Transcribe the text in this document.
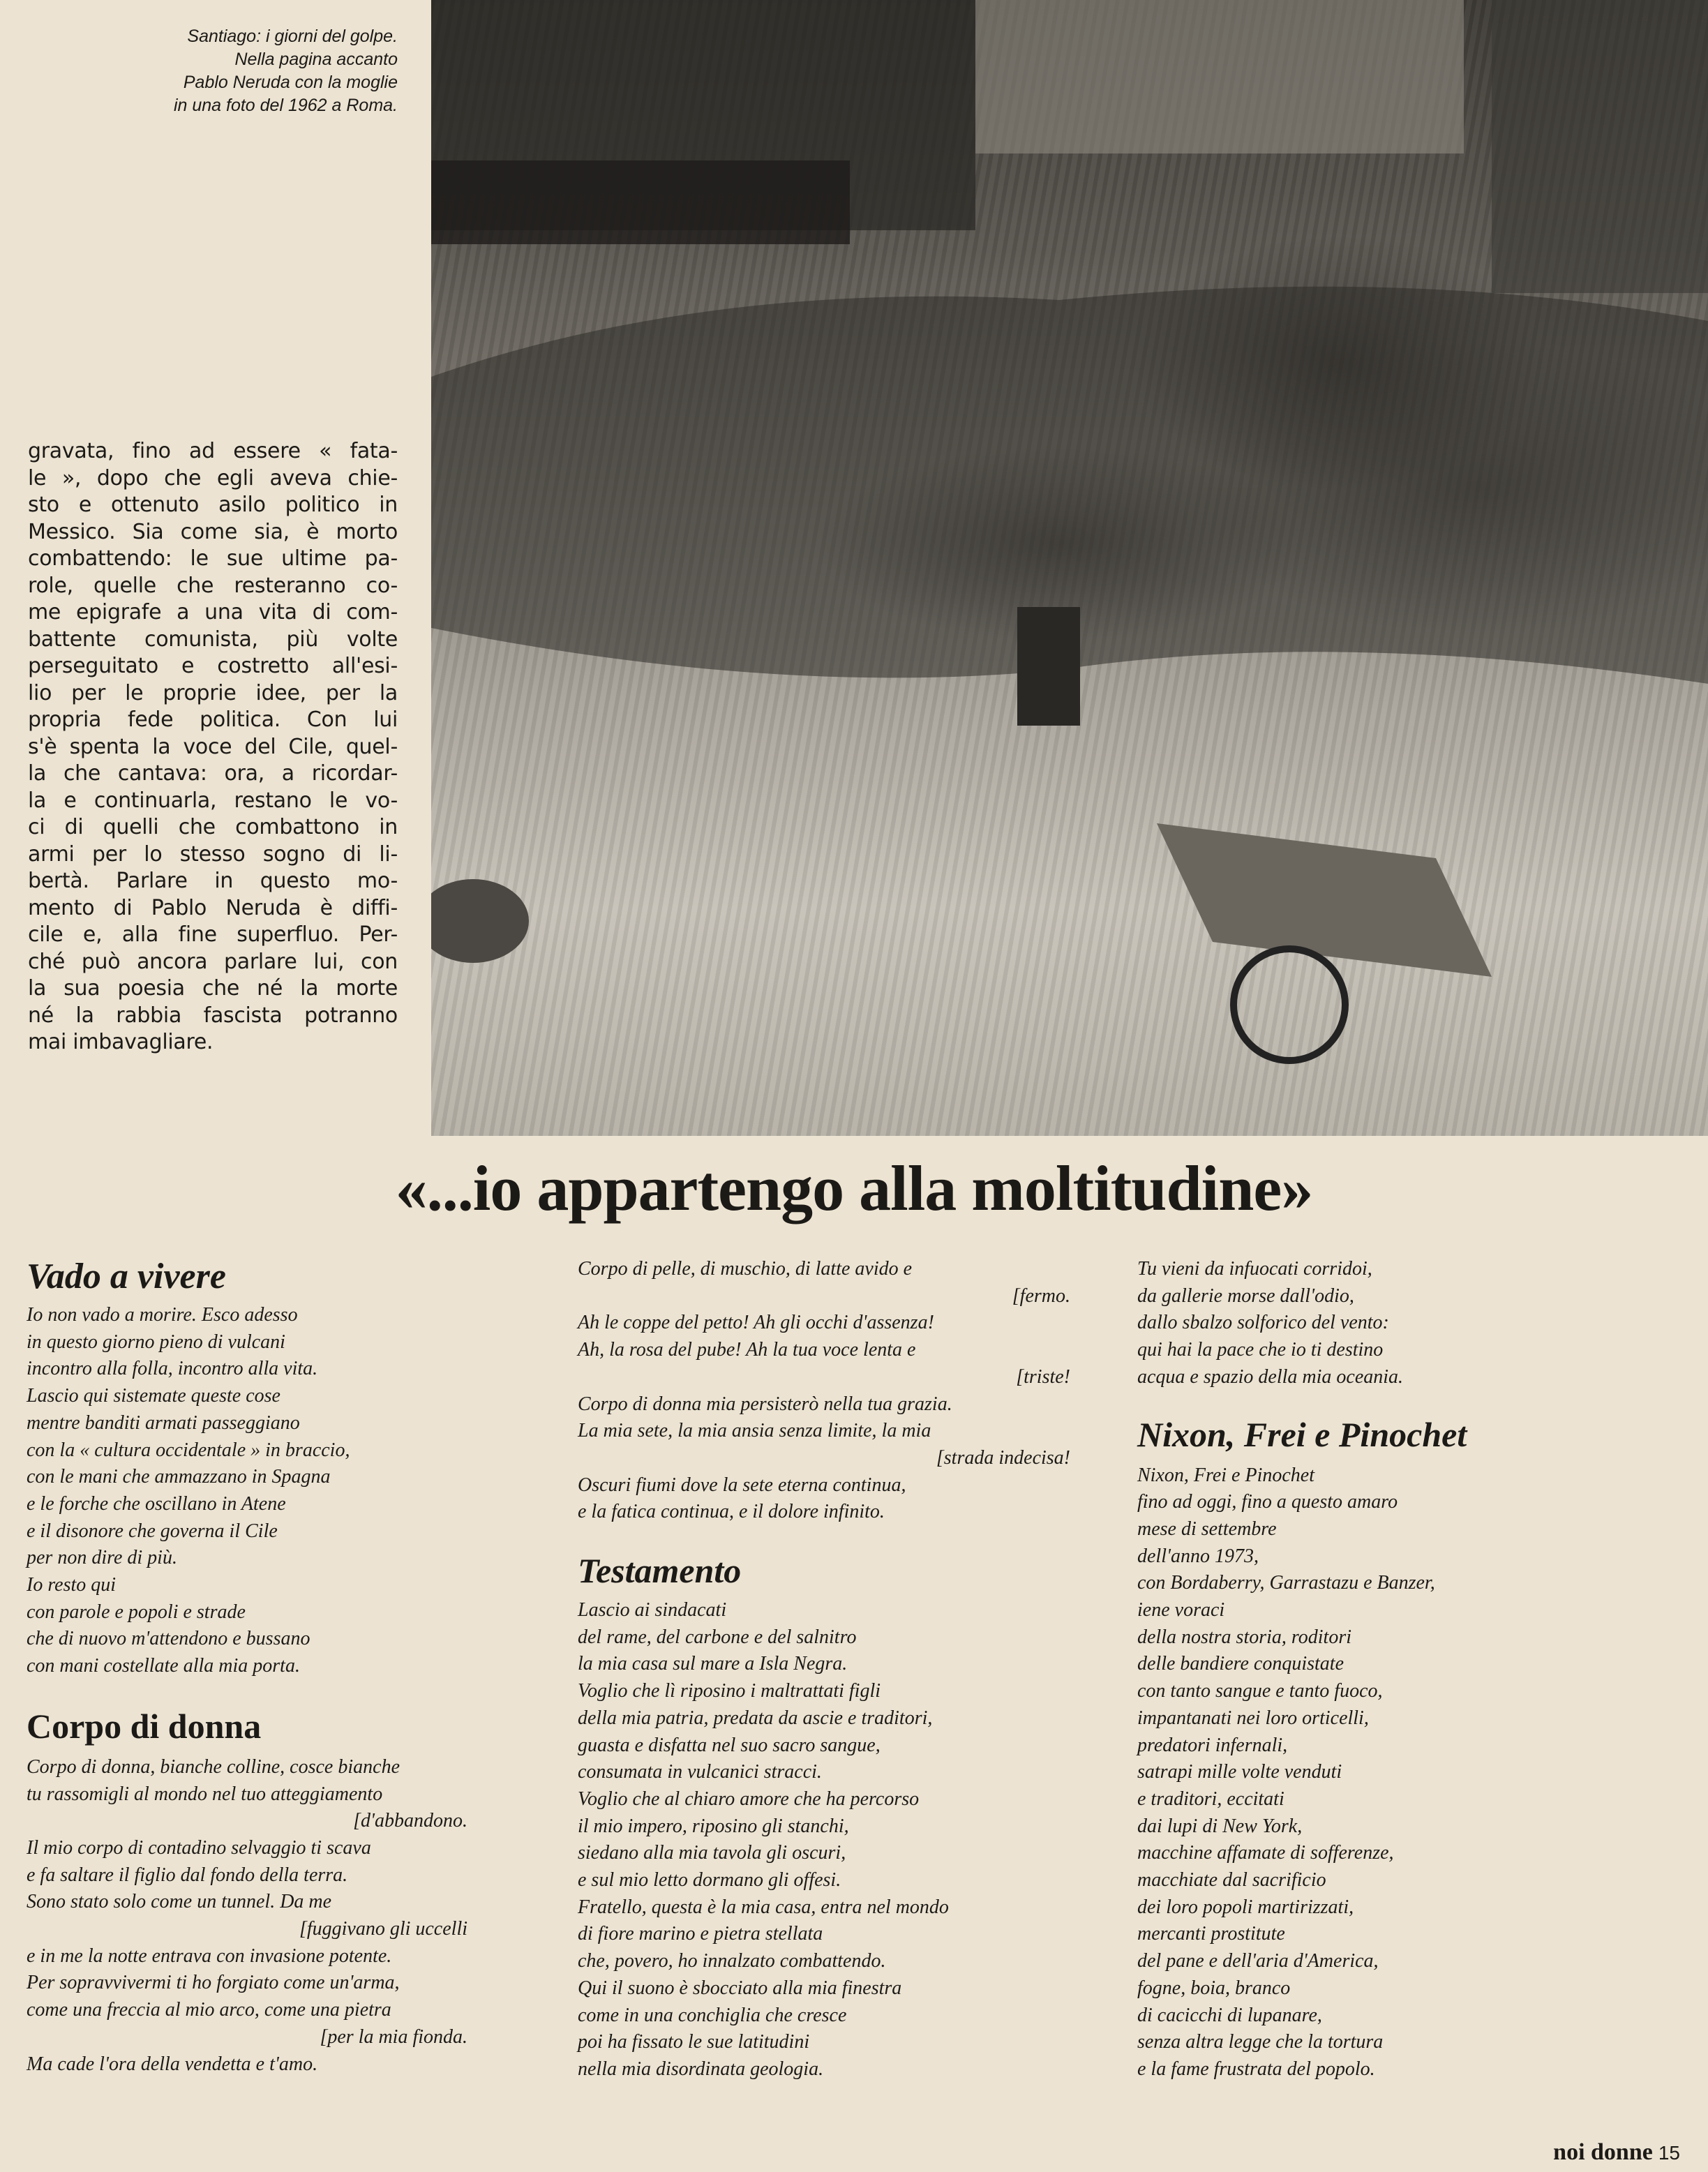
Santiago: i giorni del golpe.
Nella pagina accanto
Pablo Neruda con la moglie
in una foto del 1962 a Roma.
gravata, fino ad essere « fata-
le », dopo che egli aveva chie-
sto e ottenuto asilo politico in
Messico. Sia come sia, è morto
combattendo: le sue ultime pa-
role, quelle che resteranno co-
me epigrafe a una vita di com-
battente comunista, più volte
perseguitato e costretto all'esi-
lio per le proprie idee, per la
propria fede politica. Con lui
s'è spenta la voce del Cile, quel-
la che cantava: ora, a ricordar-
la e continuarla, restano le vo-
ci di quelli che combattono in
armi per lo stesso sogno di li-
bertà. Parlare in questo mo-
mento di Pablo Neruda è diffi-
cile e, alla fine superfluo. Per-
ché può ancora parlare lui, con
la sua poesia che né la morte
né la rabbia fascista potranno
mai imbavagliare.
«...io appartengo alla moltitudine»
Vado a vivere
Io non vado a morire. Esco adesso
in questo giorno pieno di vulcani
incontro alla folla, incontro alla vita.
Lascio qui sistemate queste cose
mentre banditi armati passeggiano
con la « cultura occidentale » in braccio,
con le mani che ammazzano in Spagna
e le forche che oscillano in Atene
e il disonore che governa il Cile
per non dire di più.
Io resto qui
con parole e popoli e strade
che di nuovo m'attendono e bussano
con mani costellate alla mia porta.
Corpo di donna
Corpo di donna, bianche colline, cosce bianche
tu rassomigli al mondo nel tuo atteggiamento
[d'abbandono.
Il mio corpo di contadino selvaggio ti scava
e fa saltare il figlio dal fondo della terra.
Sono stato solo come un tunnel. Da me
[fuggivano gli uccelli
e in me la notte entrava con invasione potente.
Per sopravvivermi ti ho forgiato come un'arma,
come una freccia al mio arco, come una pietra
[per la mia fionda.
Ma cade l'ora della vendetta e t'amo.
Corpo di pelle, di muschio, di latte avido e
[fermo.
Ah le coppe del petto! Ah gli occhi d'assenza!
Ah, la rosa del pube! Ah la tua voce lenta e
[triste!
Corpo di donna mia persisterò nella tua grazia.
La mia sete, la mia ansia senza limite, la mia
[strada indecisa!
Oscuri fiumi dove la sete eterna continua,
e la fatica continua, e il dolore infinito.
Testamento
Lascio ai sindacati
del rame, del carbone e del salnitro
la mia casa sul mare a Isla Negra.
Voglio che lì riposino i maltrattati figli
della mia patria, predata da ascie e traditori,
guasta e disfatta nel suo sacro sangue,
consumata in vulcanici stracci.
Voglio che al chiaro amore che ha percorso
il mio impero, riposino gli stanchi,
siedano alla mia tavola gli oscuri,
e sul mio letto dormano gli offesi.
Fratello, questa è la mia casa, entra nel mondo
di fiore marino e pietra stellata
che, povero, ho innalzato combattendo.
Qui il suono è sbocciato alla mia finestra
come in una conchiglia che cresce
poi ha fissato le sue latitudini
nella mia disordinata geologia.
Tu vieni da infuocati corridoi,
da gallerie morse dall'odio,
dallo sbalzo solforico del vento:
qui hai la pace che io ti destino
acqua e spazio della mia oceania.
Nixon, Frei e Pinochet
Nixon, Frei e Pinochet
fino ad oggi, fino a questo amaro
mese di settembre
dell'anno 1973,
con Bordaberry, Garrastazu e Banzer,
iene voraci
della nostra storia, roditori
delle bandiere conquistate
con tanto sangue e tanto fuoco,
impantanati nei loro orticelli,
predatori infernali,
satrapi mille volte venduti
e traditori, eccitati
dai lupi di New York,
macchine affamate di sofferenze,
macchiate dal sacrificio
dei loro popoli martirizzati,
mercanti prostitute
del pane e dell'aria d'America,
fogne, boia, branco
di cacicchi di lupanare,
senza altra legge che la tortura
e la fame frustrata del popolo.
noi donne 15
